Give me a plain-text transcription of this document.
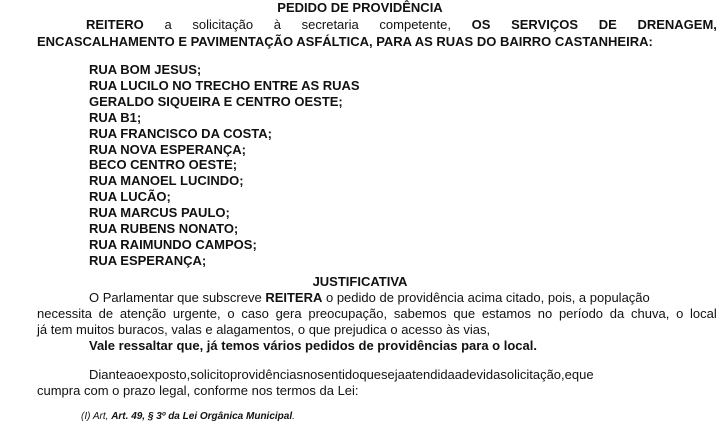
PEDIDO DE PROVIDÊNCIA
REITERO a solicitação à secretaria competente, OS SERVIÇOS DE DRENAGEM,
ENCASCALHAMENTO E PAVIMENTAÇÃO ASFÁLTICA, PARA AS RUAS DO BAIRRO CASTANHEIRA:
RUA BOM JESUS;
RUA LUCILO NO TRECHO ENTRE AS RUAS
GERALDO SIQUEIRA E CENTRO OESTE;
RUA B1;
RUA FRANCISCO DA COSTA;
RUA NOVA ESPERANÇA;
BECO CENTRO OESTE;
RUA MANOEL LUCINDO;
RUA LUCÃO;
RUA MARCUS PAULO;
RUA RUBENS NONATO;
RUA RAIMUNDO CAMPOS;
RUA ESPERANÇA;
JUSTIFICATIVA
O Parlamentar que subscreve REITERA o pedido de providência acima citado, pois, a população
necessita de atenção urgente, o caso gera preocupação, sabemos que estamos no período da chuva, o local
já tem muitos buracos, valas e alagamentos, o que prejudica o acesso às vias,
Vale ressaltar que, já temos vários pedidos de providências para o local.
Dianteaoexposto,solicitoprovidênciasnosentidoquesejaatendidaadevidasolicitação,eque
cumpra com o prazo legal, conforme nos termos da Lei:
(I) Art, Art. 49, § 3º da Lei Orgânica Municipal.
